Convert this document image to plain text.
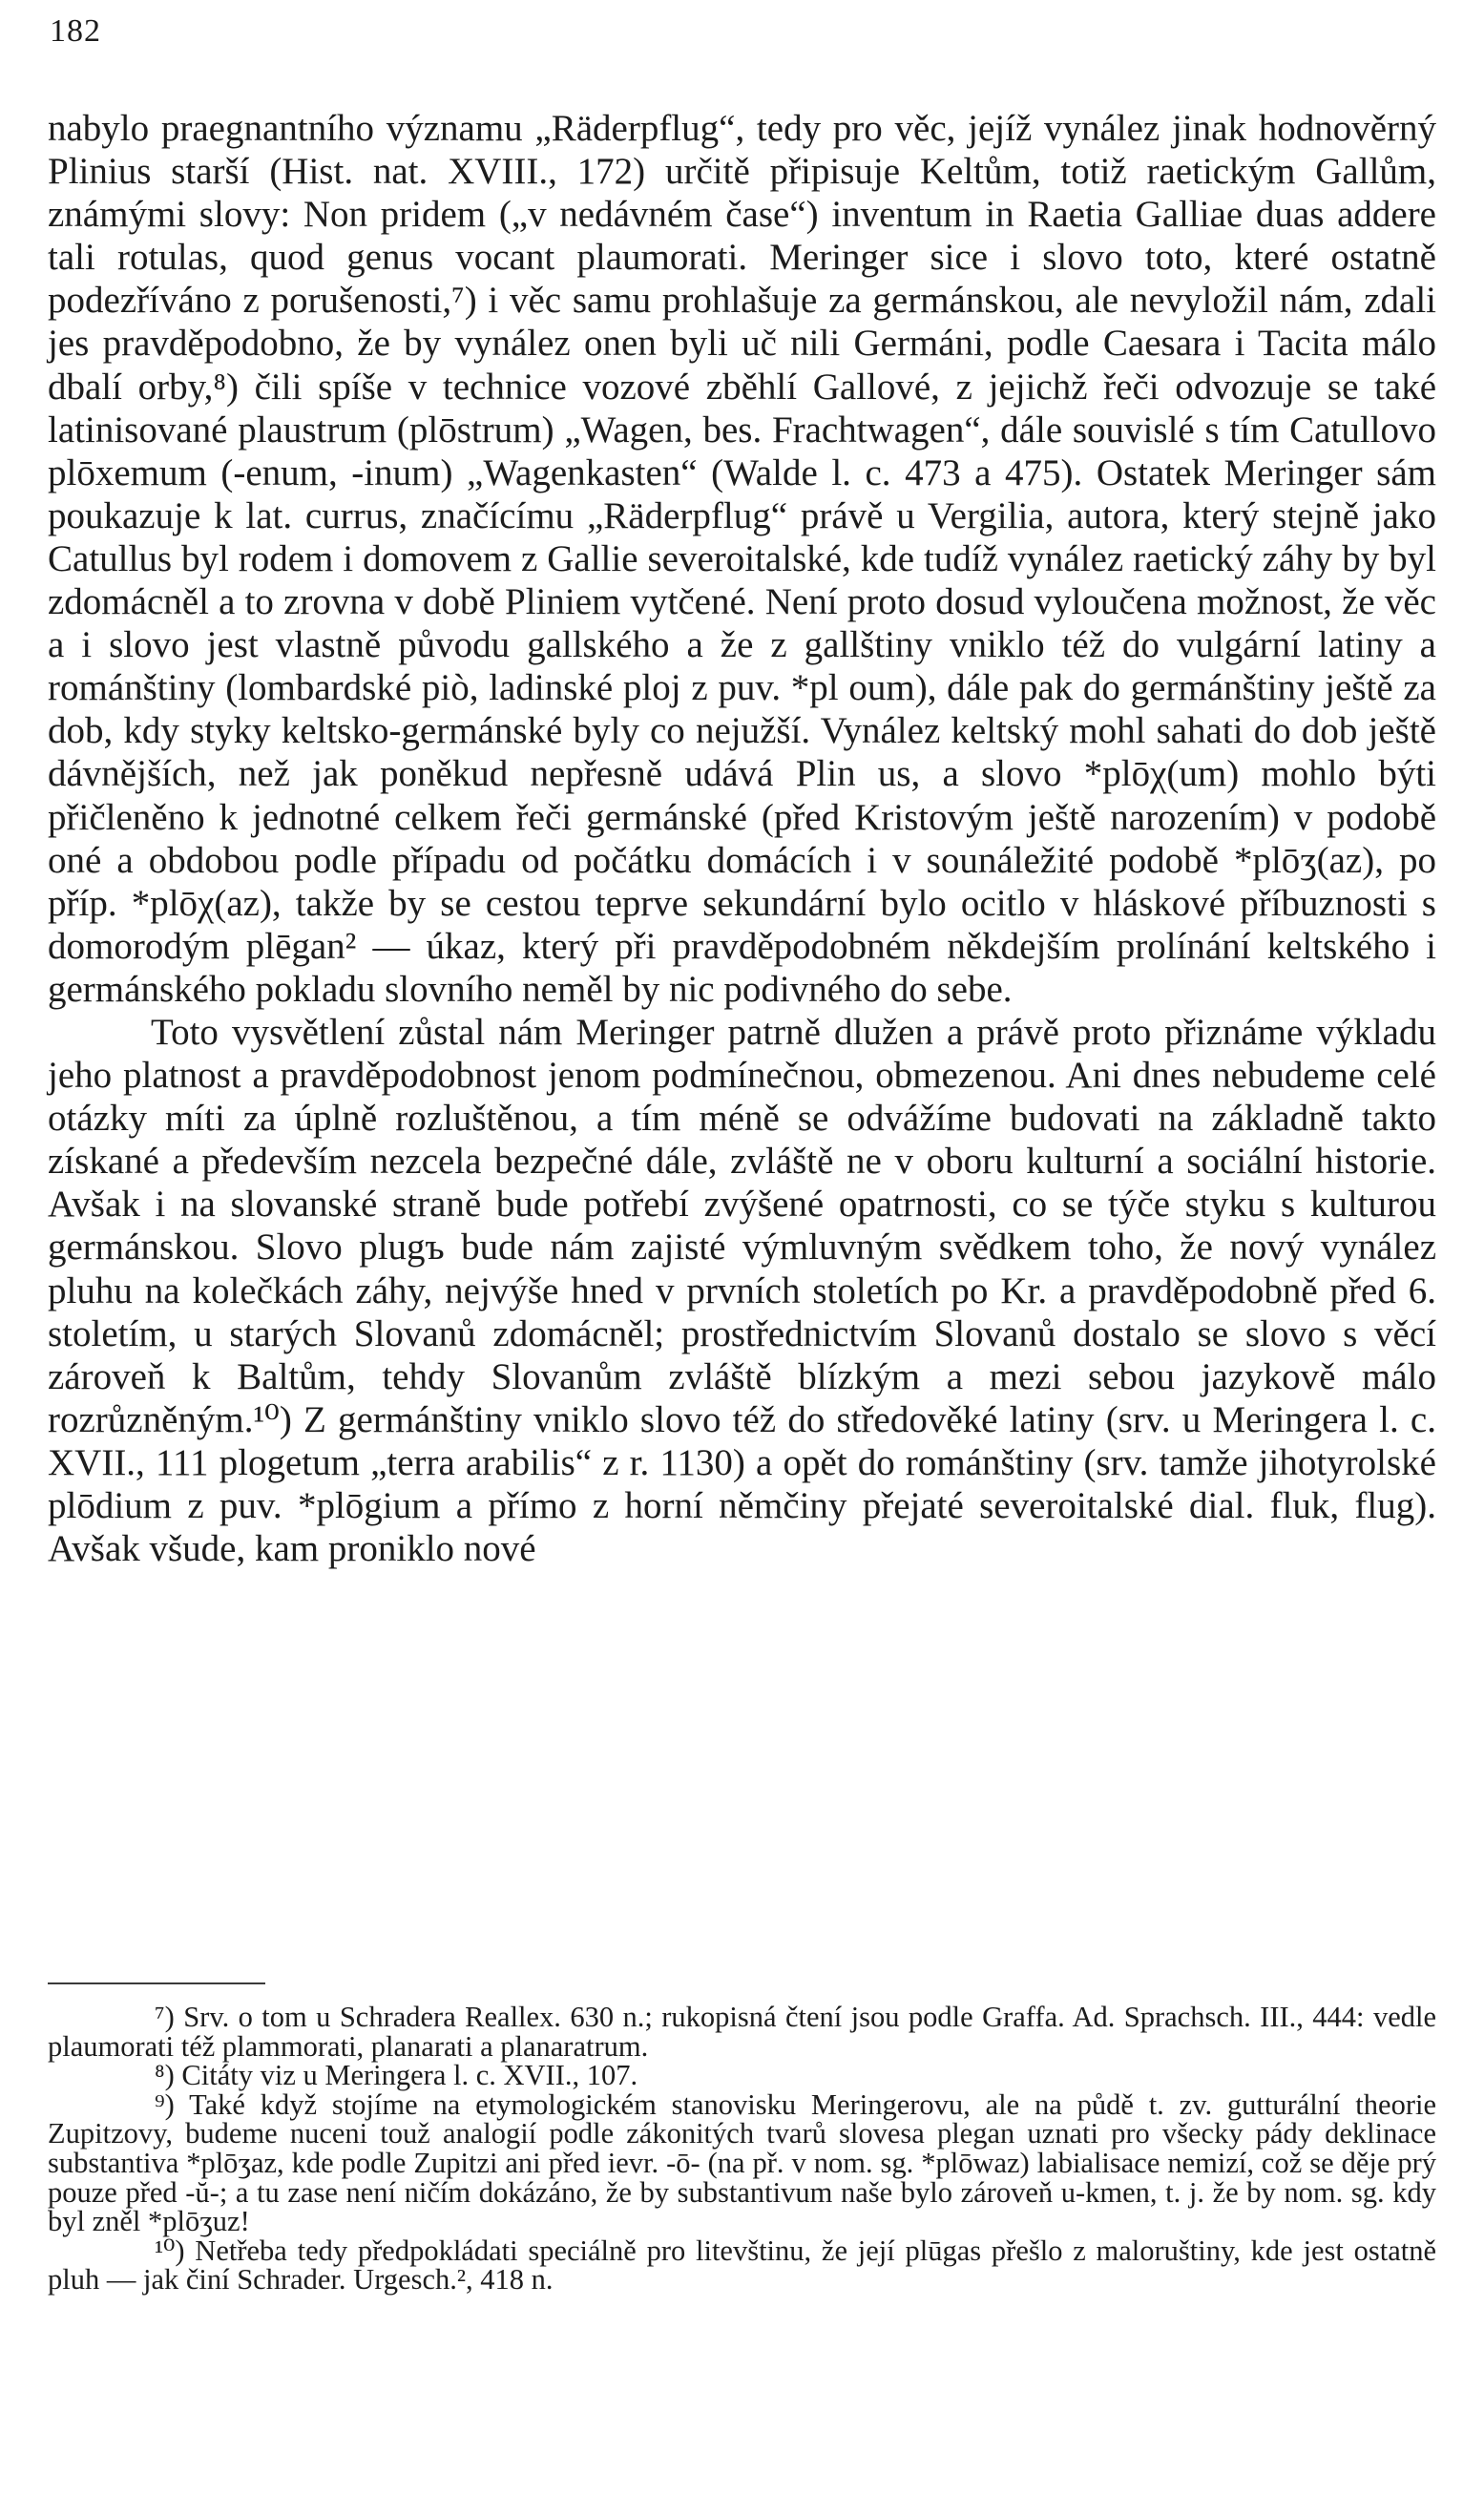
182

nabylo praegnantního významu „Räderpflug“, tedy pro věc, jejíž vynález jinak hodnověrný Plinius starší (Hist. nat. XVIII., 172) určitě připisuje Keltům, totiž raetickým Gallům, známými slovy: Non pridem („v nedávném čase“) inventum in Raetia Galliae duas addere tali rotulas, quod genus vocant plaumorati. Meringer sice i slovo toto, které ostatně podezříváno z porušenosti,⁷) i věc samu prohlašuje za germánskou, ale nevyložil nám, zdali jes pravděpodobno, že by vynález onen byli uč nili Germáni, podle Caesara i Tacita málo dbalí orby,⁸) čili spíše v technice vozové zběhlí Gallové, z jejichž řeči odvozuje se také latinisované plaustrum (plōstrum) „Wagen, bes. Frachtwagen“, dále souvislé s tím Catullovo plōxemum (-enum, -inum) „Wagenkasten“ (Walde l. c. 473 a 475). Ostatek Meringer sám poukazuje k lat. currus, značícímu „Räderpflug“ právě u Vergilia, autora, který stejně jako Catullus byl rodem i domovem z Gallie severoitalské, kde tudíž vynález raetický záhy by byl zdomácněl a to zrovna v době Pliniem vytčené. Není proto dosud vyloučena možnost, že věc a i slovo jest vlastně původu gallského a že z gallštiny vniklo též do vulgární latiny a románštiny (lombardské piò, ladinské ploj z puv. *pl oum), dále pak do germánštiny ještě za dob, kdy styky keltsko-germánské byly co nejužší. Vynález keltský mohl sahati do dob ještě dávnějších, než jak poněkud nepřesně udává Plin us, a slovo *plōχ(um) mohlo býti přičleněno k jednotné celkem řeči germánské (před Kristovým ještě narozením) v podobě oné a obdobou podle případu od počátku domácích i v sounáležité podobě *plōʒ(az), po příp. *plōχ(az), takže by se cestou teprve sekundární bylo ocitlo v hláskové příbuznosti s domorodým plēgan² — úkaz, který při pravděpodobném někdejším prolínání keltského i germánského pokladu slovního neměl by nic podivného do sebe.

Toto vysvětlení zůstal nám Meringer patrně dlužen a právě proto přiznáme výkladu jeho platnost a pravděpodobnost jenom podmínečnou, obmezenou. Ani dnes nebudeme celé otázky míti za úplně rozluštěnou, a tím méně se odvážíme budovati na základně takto získané a především nezcela bezpečné dále, zvláště ne v oboru kulturní a sociální historie. Avšak i na slovanské straně bude potřebí zvýšené opatrnosti, co se týče styku s kulturou germánskou. Slovo plugъ bude nám zajisté výmluvným svědkem toho, že nový vynález pluhu na kolečkách záhy, nejvýše hned v prvních stoletích po Kr. a pravděpodobně před 6. stoletím, u starých Slovanů zdomácněl; prostřednictvím Slovanů dostalo se slovo s věcí zároveň k Baltům, tehdy Slovanům zvláště blízkým a mezi sebou jazykově málo rozrůzněným.¹⁰) Z germánštiny vniklo slovo též do středověké latiny (srv. u Meringera l. c. XVII., 111 plogetum „terra arabilis“ z r. 1130) a opět do románštiny (srv. tamže jihotyrolské plōdium z puv. *plōgium a přímo z horní němčiny přejaté severoitalské dial. fluk, flug). Avšak všude, kam proniklo nové

⁷) Srv. o tom u Schradera Reallex. 630 n.; rukopisná čtení jsou podle Graffa. Ad. Sprachsch. III., 444: vedle plaumorati též plammorati, planarati a planaratrum.

⁸) Citáty viz u Meringera l. c. XVII., 107.

⁹) Také když stojíme na etymologickém stanovisku Meringerovu, ale na půdě t. zv. gutturální theorie Zupitzovy, budeme nuceni touž analogií podle zákonitých tvarů slovesa plegan uznati pro všecky pády deklinace substantiva *plōʒaz, kde podle Zupitzi ani před ievr. -ō- (na př. v nom. sg. *plōwaz) labialisace nemizí, což se děje prý pouze před -ŭ-; a tu zase není ničím dokázáno, že by substantivum naše bylo zároveň u-kmen, t. j. že by nom. sg. kdy byl zněl *plōʒuz!

¹⁰) Netřeba tedy předpokládati speciálně pro litevštinu, že její plūgas přešlo z maloruštiny, kde jest ostatně pluh — jak činí Schrader. Urgesch.², 418 n.
